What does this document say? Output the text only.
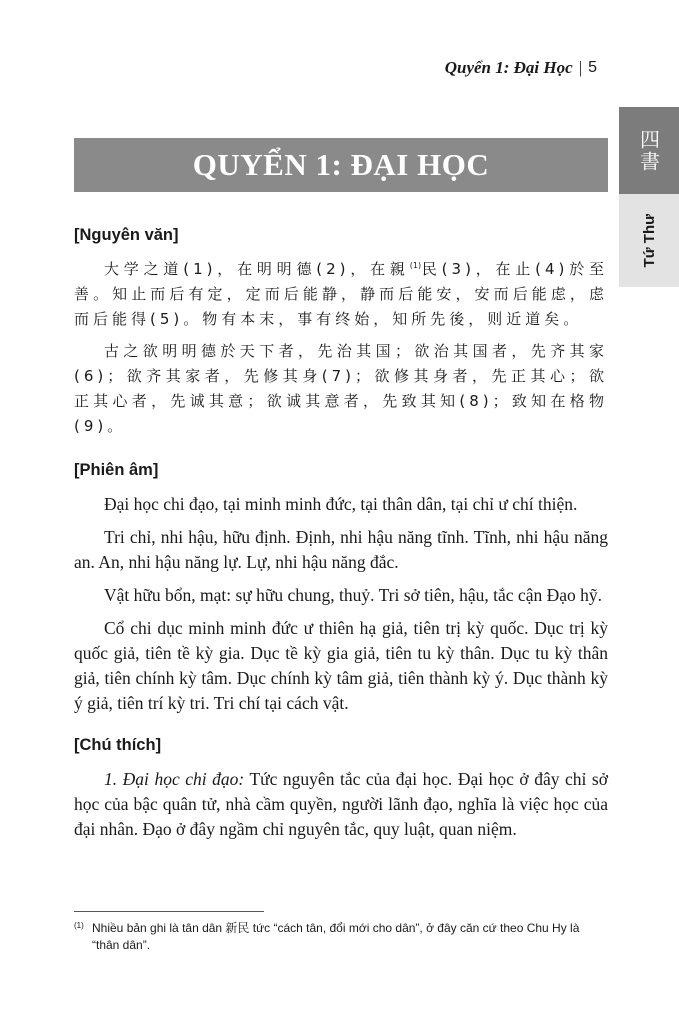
Quyển 1: Đại Học | 5
四書
Tứ Thư
QUYỂN 1: ĐẠI HỌC
[Nguyên văn]

大学之道(1)，在明明德(2)，在親$^{(1)}$民(3)，在止(4)於至善。知止而后有定，定而后能静，静而后能安，安而后能虑，虑而后能得(5)。物有本末，事有终始，知所先後，则近道矣。

古之欲明明德於天下者，先治其国；欲治其国者，先齐其家(6)；欲齐其家者，先修其身(7)；欲修其身者，先正其心；欲正其心者，先诚其意；欲诚其意者，先致其知(8)；致知在格物(9)。

[Phiên âm]

Đại học chi đạo, tại minh minh đức, tại thân dân, tại chỉ ư chí thiện.

Tri chỉ, nhi hậu, hữu định. Định, nhi hậu năng tĩnh. Tĩnh, nhi hậu năng an. An, nhi hậu năng lự. Lự, nhi hậu năng đắc.

Vật hữu bổn, mạt: sự hữu chung, thuỷ. Tri sở tiên, hậu, tắc cận Đạo hỹ.

Cổ chi dục minh minh đức ư thiên hạ giả, tiên trị kỳ quốc. Dục trị kỳ quốc giả, tiên tề kỳ gia. Dục tề kỳ gia giả, tiên tu kỳ thân. Dục tu kỳ thân giả, tiên chính kỳ tâm. Dục chính kỳ tâm giả, tiên thành kỳ ý. Dục thành kỳ ý giả, tiên trí kỳ tri. Tri chí tại cách vật.

[Chú thích]

1. Đại học chi đạo: Tức nguyên tắc của đại học. Đại học ở đây chỉ sở học của bậc quân tử, nhà cầm quyền, người lãnh đạo, nghĩa là việc học của đại nhân. Đạo ở đây ngầm chỉ nguyên tắc, quy luật, quan niệm.

(1) Nhiều bản ghi là tân dân 新民 tức “cách tân, đổi mới cho dân”, ở đây căn cứ theo Chu Hy là “thân dân”.
